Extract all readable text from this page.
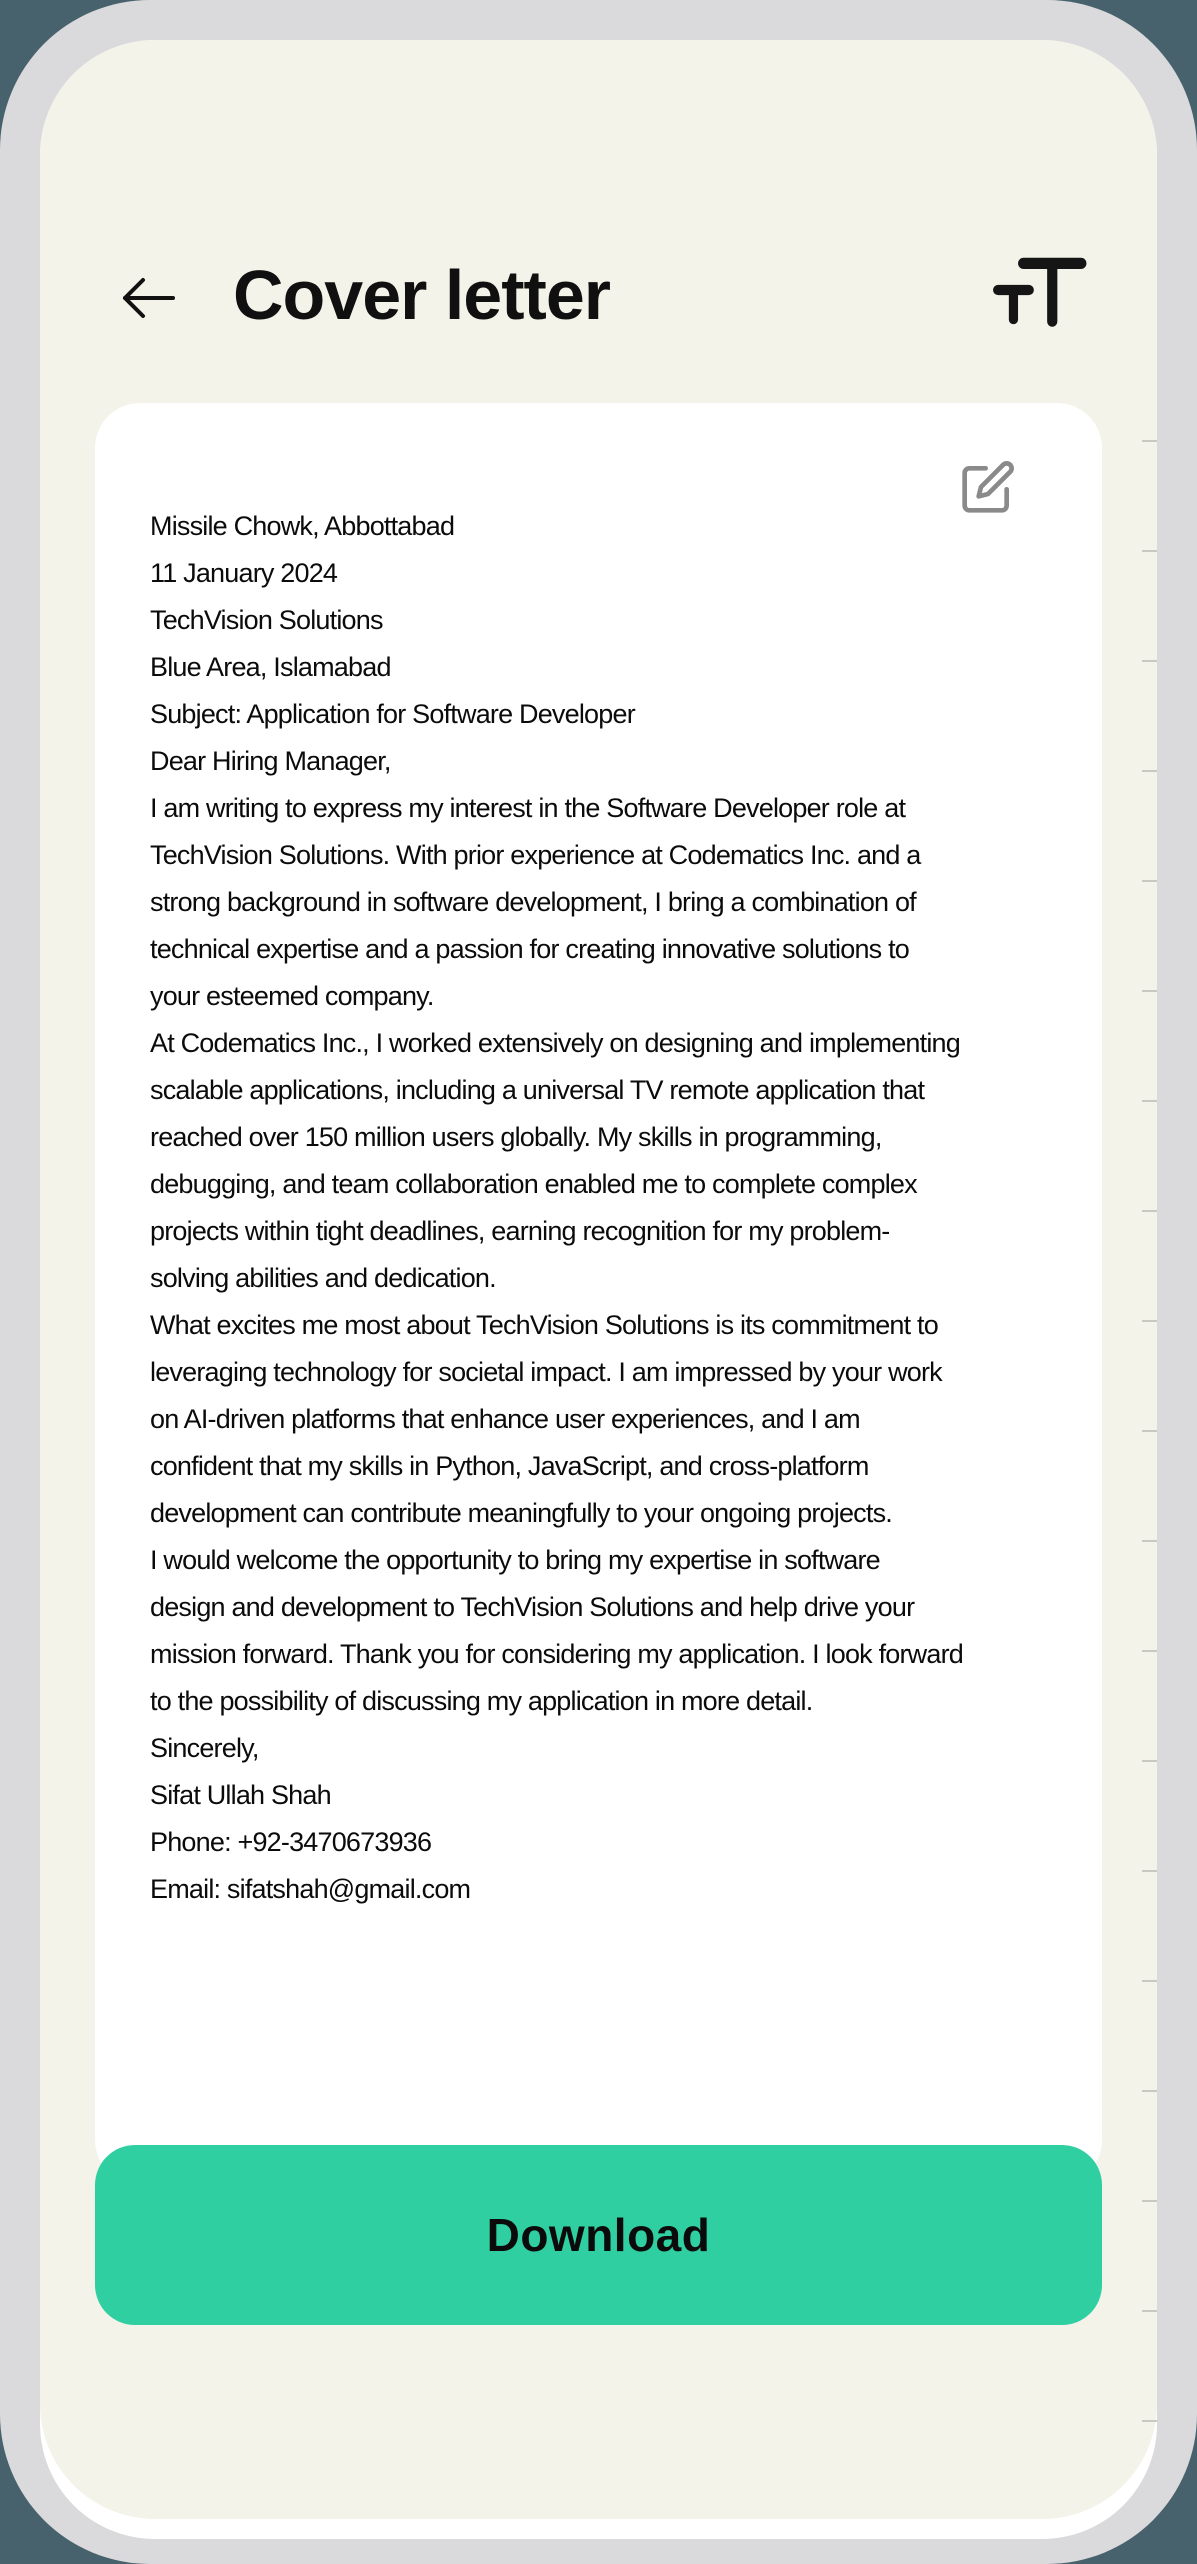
Cover letter
Missile Chowk, Abbottabad
11 January 2024
TechVision Solutions
Blue Area, Islamabad
Subject: Application for Software Developer
Dear Hiring Manager,
I am writing to express my interest in the Software Developer role at
TechVision Solutions. With prior experience at Codematics Inc. and a
strong background in software development, I bring a combination of
technical expertise and a passion for creating innovative solutions to
your esteemed company.
At Codematics Inc., I worked extensively on designing and implementing
scalable applications, including a universal TV remote application that
reached over 150 million users globally. My skills in programming,
debugging, and team collaboration enabled me to complete complex
projects within tight deadlines, earning recognition for my problem-
solving abilities and dedication.
What excites me most about TechVision Solutions is its commitment to
leveraging technology for societal impact. I am impressed by your work
on AI-driven platforms that enhance user experiences, and I am
confident that my skills in Python, JavaScript, and cross-platform
development can contribute meaningfully to your ongoing projects.
I would welcome the opportunity to bring my expertise in software
design and development to TechVision Solutions and help drive your
mission forward. Thank you for considering my application. I look forward
to the possibility of discussing my application in more detail.
Sincerely,
Sifat Ullah Shah
Phone: +92-3470673936
Email: sifatshah@gmail.com
Download
